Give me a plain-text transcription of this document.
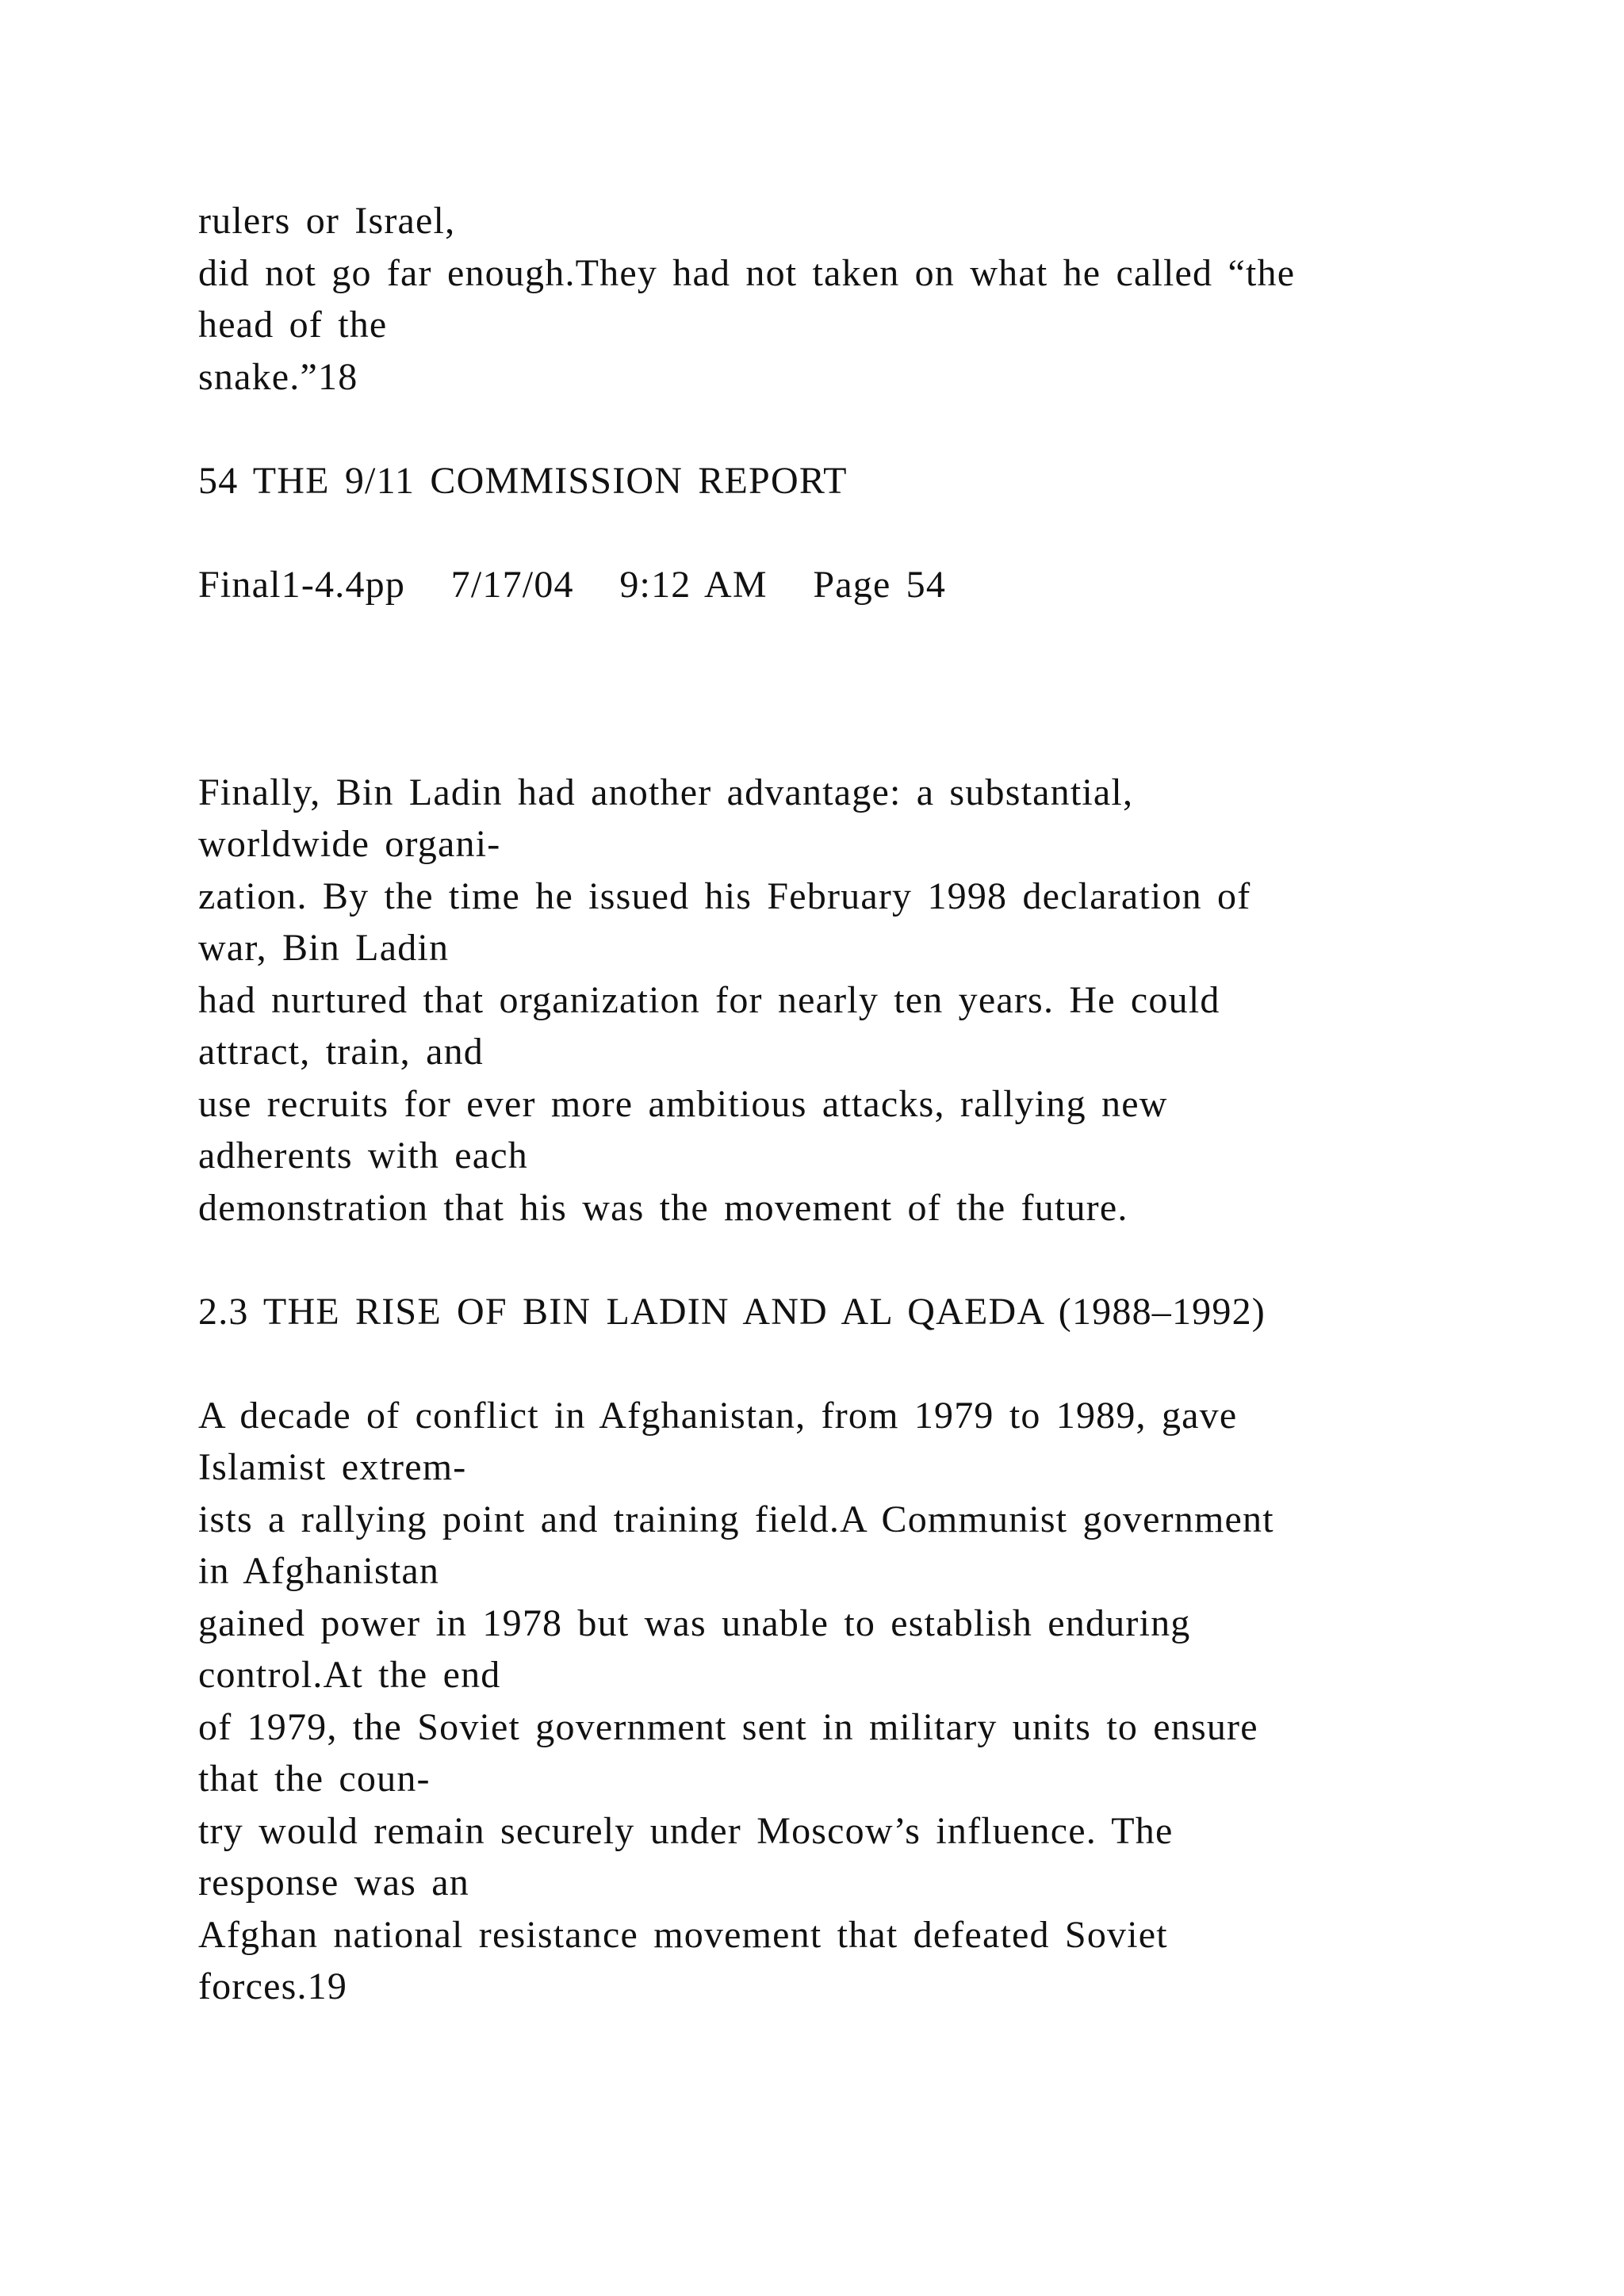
rulers or Israel,
did not go far enough.They had not taken on what he called “the
head of the
snake.”18
54 THE 9/11 COMMISSION REPORT
Final1-4.4pp   7/17/04   9:12 AM   Page 54
Finally, Bin Ladin had another advantage: a substantial,
worldwide organi-
zation. By the time he issued his February 1998 declaration of
war, Bin Ladin
had nurtured that organization for nearly ten years. He could
attract, train, and
use recruits for ever more ambitious attacks, rallying new
adherents with each
demonstration that his was the movement of the future.
2.3 THE RISE OF BIN LADIN AND AL QAEDA (1988–1992)
A decade of conflict in Afghanistan, from 1979 to 1989, gave
Islamist extrem-
ists a rallying point and training field.A Communist government
in Afghanistan
gained power in 1978 but was unable to establish enduring
control.At the end
of 1979, the Soviet government sent in military units to ensure
that the coun-
try would remain securely under Moscow’s influence. The
response was an
Afghan national resistance movement that defeated Soviet
forces.19
